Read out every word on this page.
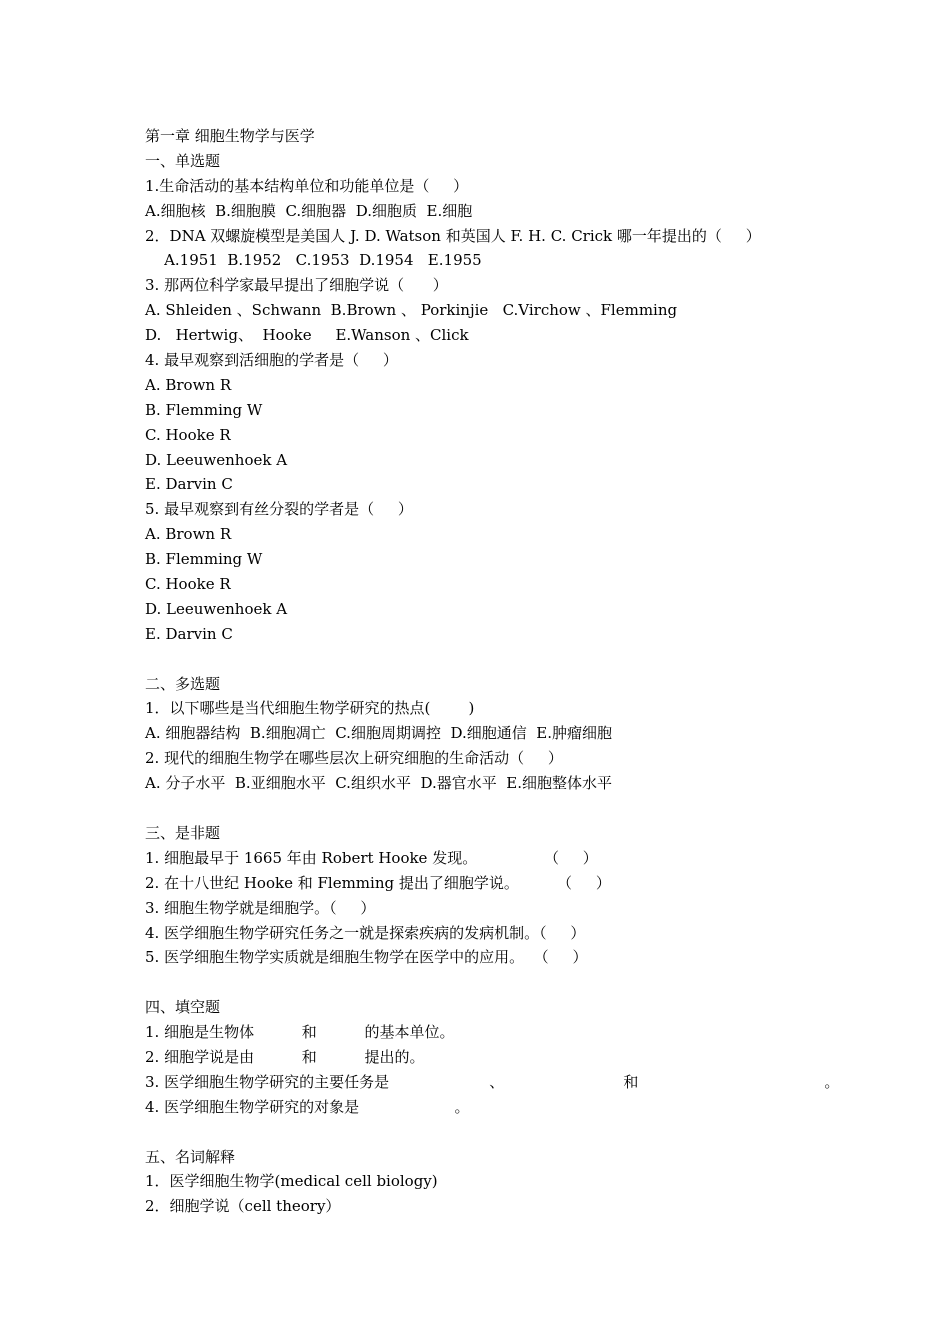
第一章 细胞生物学与医学
一、单选题
1.生命活动的基本结构单位和功能单位是（     ）
A.细胞核  B.细胞膜  C.细胞器  D.细胞质  E.细胞
2．DNA 双螺旋模型是美国人 J. D. Watson 和英国人 F. H. C. Crick 哪一年提出的（     ）
A.1951  B.1952   C.1953  D.1954   E.1955
3. 那两位科学家最早提出了细胞学说（      ）
A. Shleiden 、Schwann  B.Brown 、 Porkinjie   C.Virchow 、Flemming
D.   Hertwig、  Hooke     E.Wanson 、Click
4. 最早观察到活细胞的学者是（     ）
A. Brown R
B. Flemming W
C. Hooke R
D. Leeuwenhoek A
E. Darvin C
5. 最早观察到有丝分裂的学者是（     ）
A. Brown R
B. Flemming W
C. Hooke R
D. Leeuwenhoek A
E. Darvin C
二、多选题
1．以下哪些是当代细胞生物学研究的热点(        )
A. 细胞器结构  B.细胞凋亡  C.细胞周期调控  D.细胞通信  E.肿瘤细胞
2. 现代的细胞生物学在哪些层次上研究细胞的生命活动（     ）
A. 分子水平  B.亚细胞水平  C.组织水平  D.器官水平  E.细胞整体水平
三、是非题
1. 细胞最早于 1665 年由 Robert Hooke 发现。              （     ）
2. 在十八世纪 Hooke 和 Flemming 提出了细胞学说。        （     ）
3. 细胞生物学就是细胞学。（     ）
4. 医学细胞生物学研究任务之一就是探索疾病的发病机制。（     ）
5. 医学细胞生物学实质就是细胞生物学在医学中的应用。  （     ）
四、填空题
1. 细胞是生物体          和          的基本单位。
2. 细胞学说是由          和          提出的。
3. 医学细胞生物学研究的主要任务是                     、                         和                                       。
4. 医学细胞生物学研究的对象是                    。
五、名词解释
1．医学细胞生物学(medical cell biology)
2．细胞学说（cell theory）
